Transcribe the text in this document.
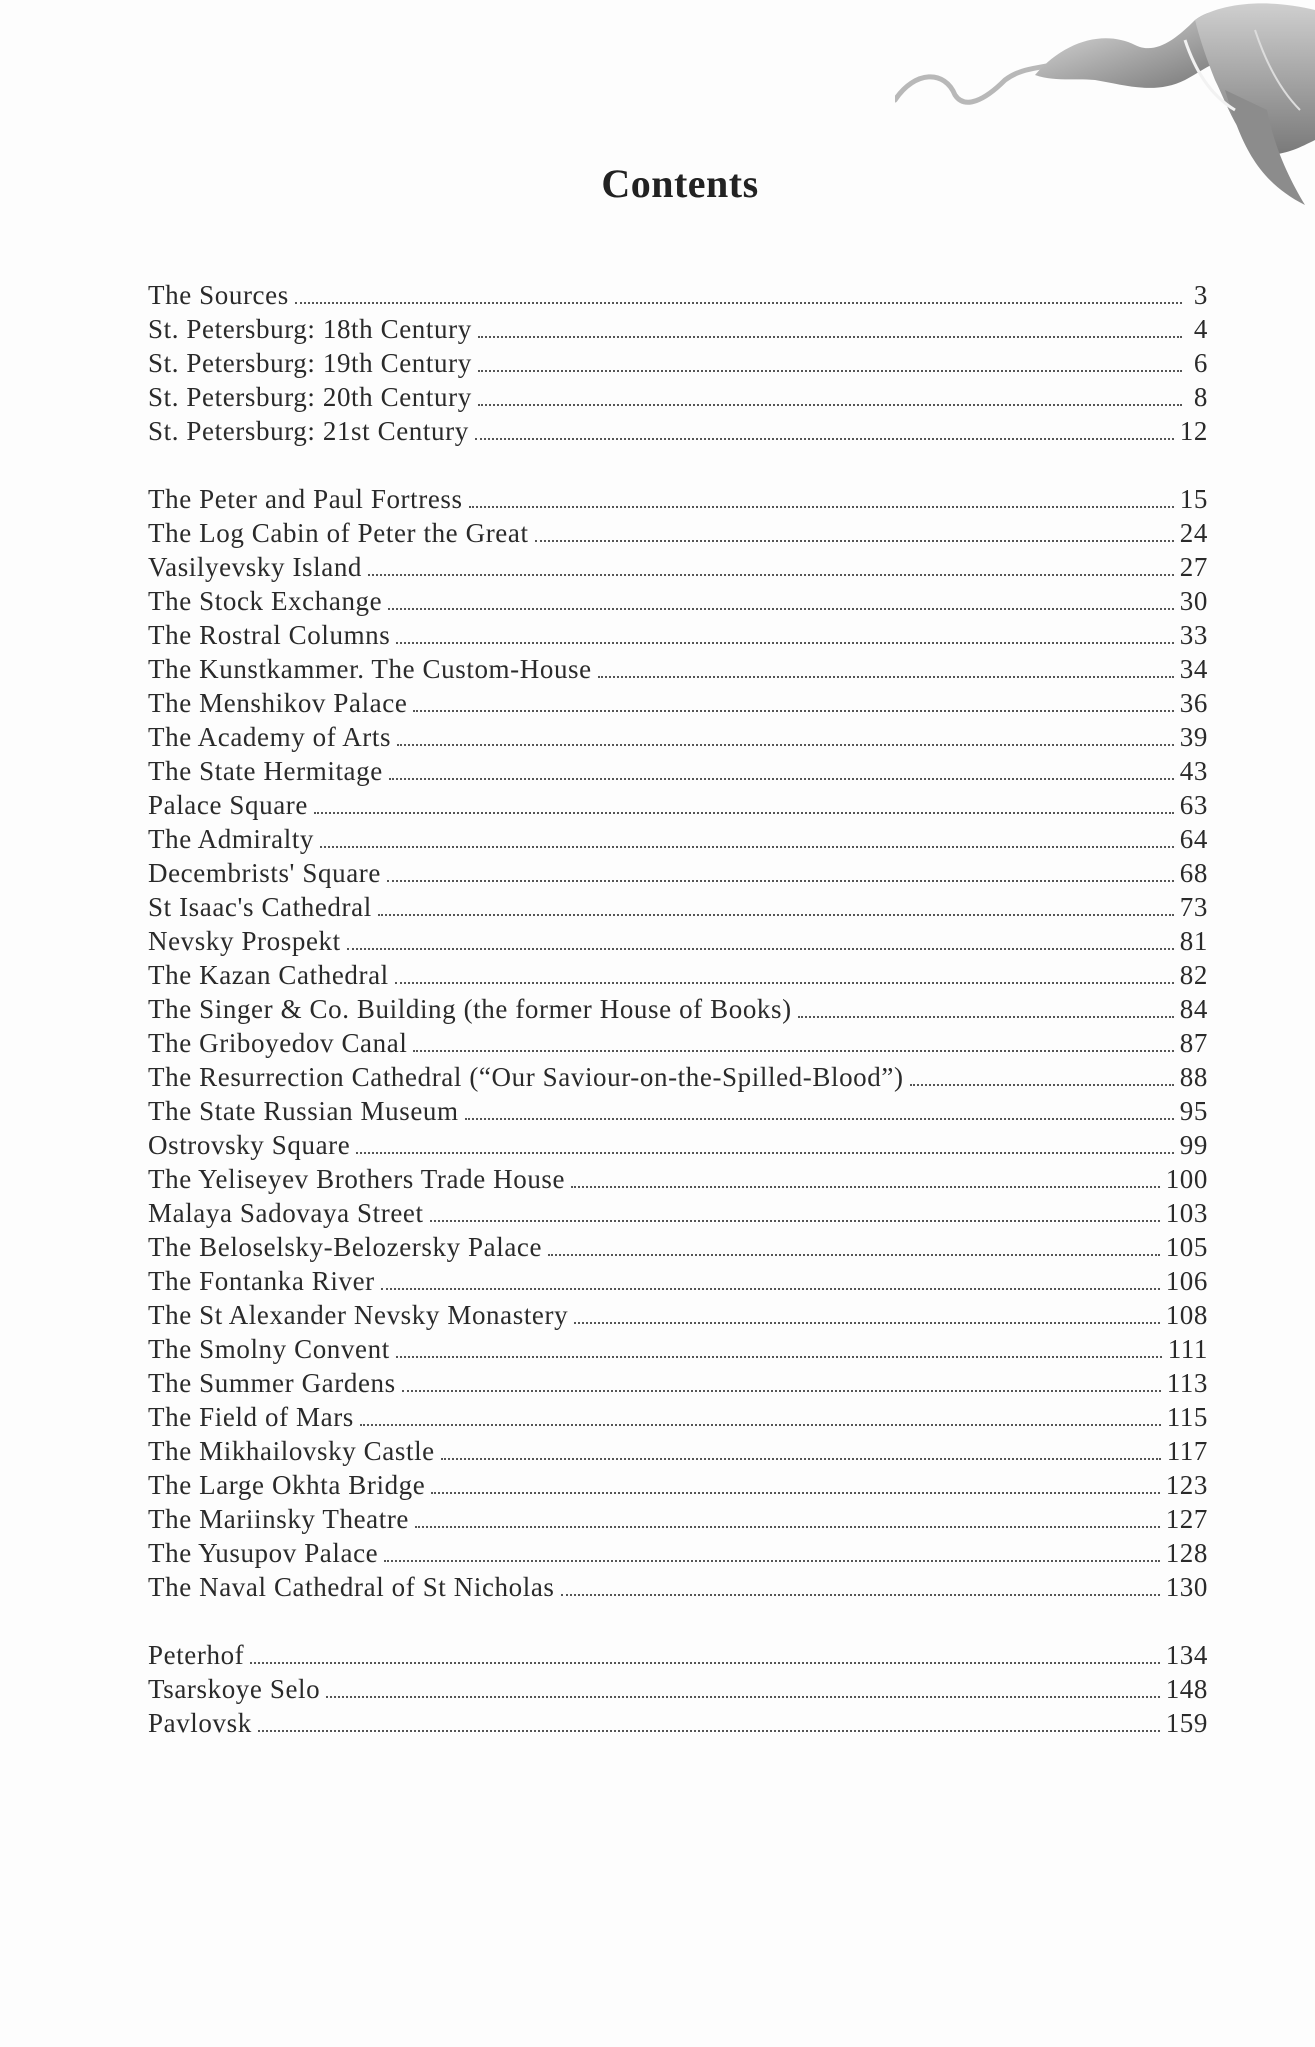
Contents
The Sources	3
St. Petersburg: 18th Century	4
St. Petersburg: 19th Century	6
St. Petersburg: 20th Century	8
St. Petersburg: 21st Century	12
The Peter and Paul Fortress	15
The Log Cabin of Peter the Great	24
Vasilyevsky Island	27
The Stock Exchange	30
The Rostral Columns	33
The Kunstkammer. The Custom-House	34
The Menshikov Palace	36
The Academy of Arts	39
The State Hermitage	43
Palace Square	63
The Admiralty	64
Decembrists' Square	68
St Isaac's Cathedral	73
Nevsky Prospekt	81
The Kazan Cathedral	82
The Singer & Co. Building (the former House of Books)	84
The Griboyedov Canal	87
The Resurrection Cathedral (“Our Saviour-on-the-Spilled-Blood”)	88
The State Russian Museum	95
Ostrovsky Square	99
The Yeliseyev Brothers Trade House	100
Malaya Sadovaya Street	103
The Beloselsky-Belozersky Palace	105
The Fontanka River	106
The St Alexander Nevsky Monastery	108
The Smolny Convent	111
The Summer Gardens	113
The Field of Mars	115
The Mikhailovsky Castle	117
The Large Okhta Bridge	123
The Mariinsky Theatre	127
The Yusupov Palace	128
The Naval Cathedral of St Nicholas	130
Peterhof	134
Tsarskoye Selo	148
Pavlovsk	159
